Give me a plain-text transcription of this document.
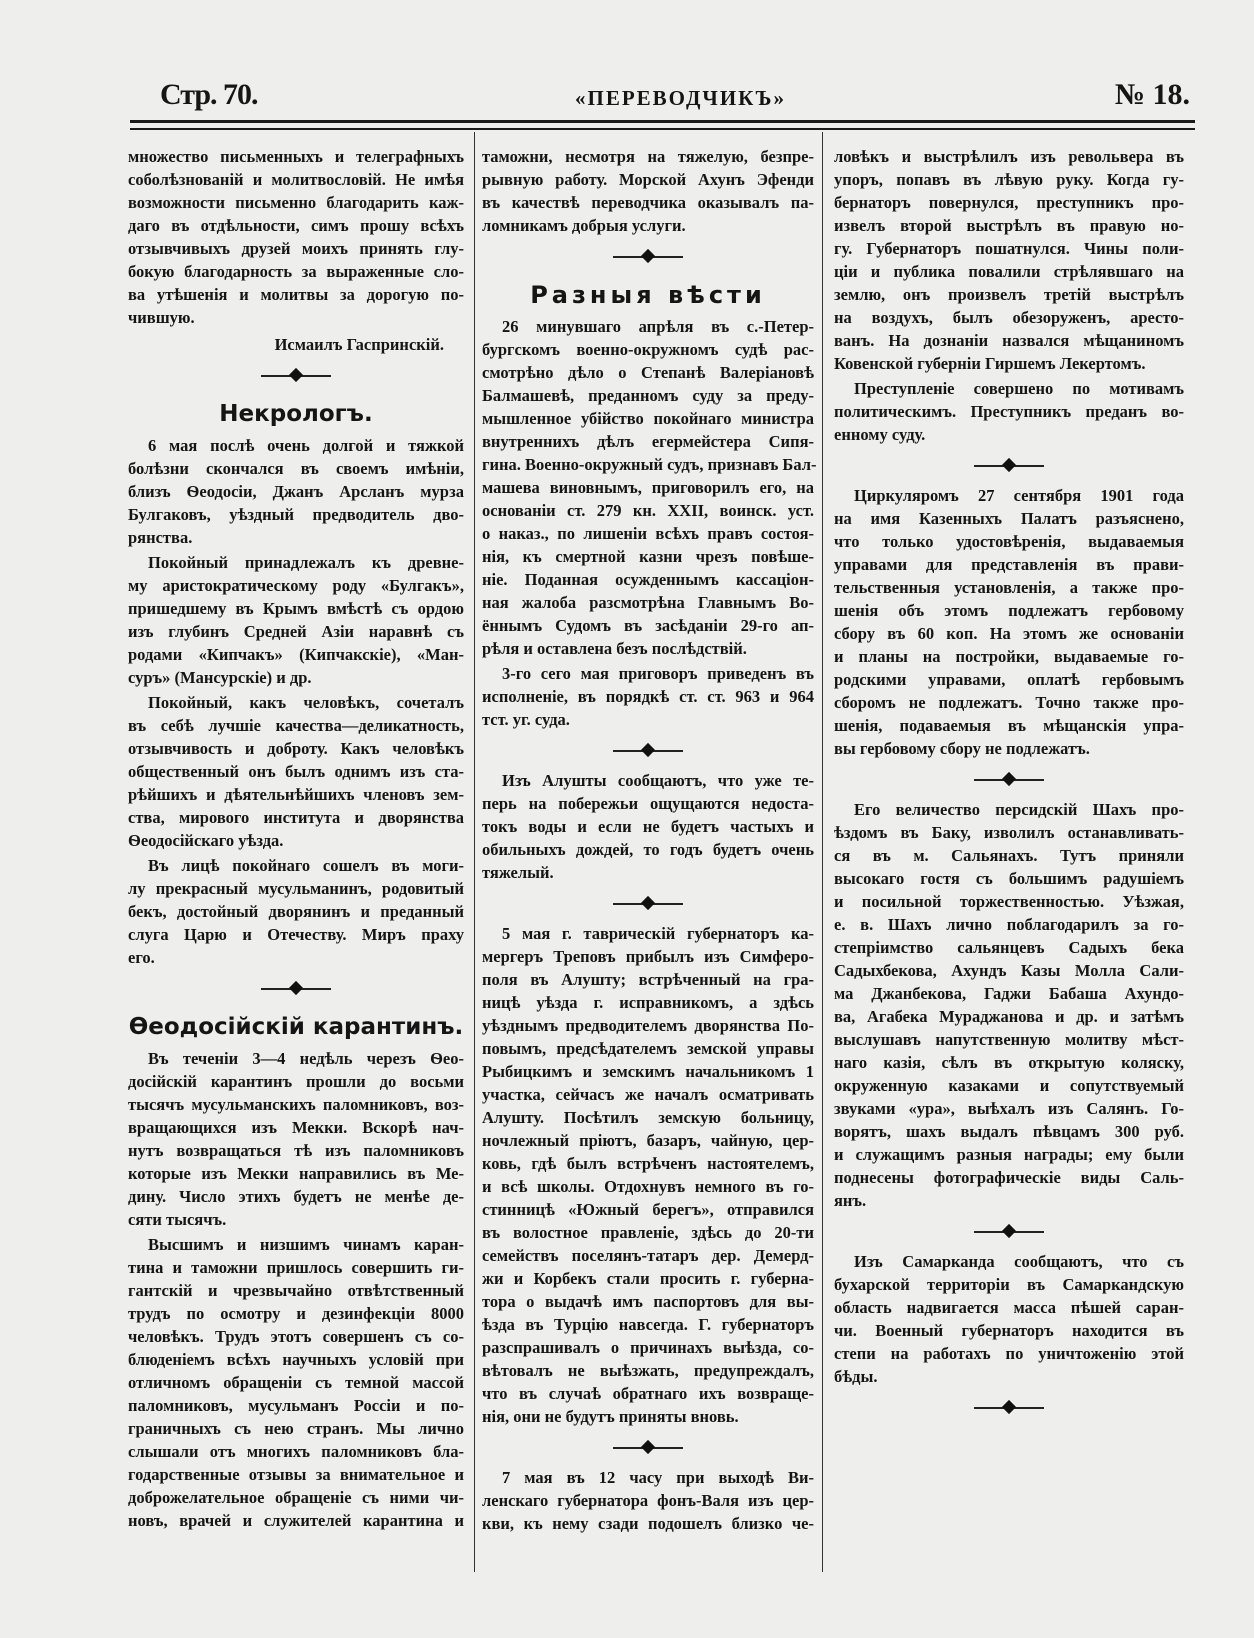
Стр. 70.	«ПЕРЕВОДЧИКЪ»	№ 18.
множество письменныхъ и телеграфныхъ
соболѣзнованій и молитвословій. Не имѣя
возможности письменно благодарить каж-
даго въ отдѣльности, симъ прошу всѣхъ
отзывчивыхъ друзей моихъ принять глу-
бокую благодарность за выраженные сло-
ва утѣшенія и молитвы за дорогую по-
чившую.
Исмаилъ Гаспринскій.
Некрологъ.
6 мая послѣ очень долгой и тяжкой
болѣзни скончался въ своемъ имѣніи,
близъ Ѳеодосіи, Джанъ Арсланъ мурза
Булгаковъ, уѣздный предводитель дво-
рянства.
Покойный принадлежалъ къ древне-
му аристократическому роду «Булгакъ»,
пришедшему въ Крымъ вмѣстѣ съ ордою
изъ глубинъ Средней Азіи наравнѣ съ
родами «Кипчакъ» (Кипчакскіе), «Ман-
суръ» (Мансурскіе) и др.
Покойный, какъ человѣкъ, сочеталъ
въ себѣ лучшіе качества—деликатность,
отзывчивость и доброту. Какъ человѣкъ
общественный онъ былъ однимъ изъ ста-
рѣйшихъ и дѣятельнѣйшихъ членовъ зем-
ства, мирового института и дворянства
Ѳеодосійскаго уѣзда.
Въ лицѣ покойнаго сошелъ въ моги-
лу прекрасный мусульманинъ, родовитый
бекъ, достойный дворянинъ и преданный
слуга Царю и Отечеству. Миръ праху
его.
Ѳеодосійскій карантинъ.
Въ теченіи 3—4 недѣль черезъ Ѳео-
досійскій карантинъ прошли до восьми
тысячъ мусульманскихъ паломниковъ, воз-
вращающихся изъ Мекки. Вскорѣ нач-
нутъ возвращаться тѣ изъ паломниковъ
которые изъ Мекки направились въ Ме-
дину. Число этихъ будетъ не менѣе де-
сяти тысячъ.
Высшимъ и низшимъ чинамъ каран-
тина и таможни пришлось совершить ги-
гантскій и чрезвычайно отвѣтственный
трудъ по осмотру и дезинфекціи 8000
человѣкъ. Трудъ этотъ совершенъ съ со-
блюденіемъ всѣхъ научныхъ условій при
отличномъ обращеніи съ темной массой
паломниковъ, мусульманъ Россіи и по-
граничныхъ съ нею странъ. Мы лично
слышали отъ многихъ паломниковъ бла-
годарственные отзывы за внимательное и
доброжелательное обращеніе съ ними чи-
новъ, врачей и служителей карантина и
таможни, несмотря на тяжелую, безпре-
рывную работу. Морской Ахунъ Эфенди
въ качествѣ переводчика оказывалъ па-
ломникамъ добрыя услуги.
Разныя вѣсти
26 минувшаго апрѣля въ с.-Петер-
бургскомъ военно-окружномъ судѣ рас-
смотрѣно дѣло о Степанѣ Валеріановѣ
Балмашевѣ, преданномъ суду за преду-
мышленное убійство покойнаго министра
внутреннихъ дѣлъ егермейстера Сипя-
гина. Военно-окружный судъ, признавъ Бал-
машева виновнымъ, приговорилъ его, на
основаніи ст. 279 кн. XXII, воинск. уст.
о наказ., по лишеніи всѣхъ правъ состоя-
нія, къ смертной казни чрезъ повѣше-
ніе. Поданная осужденнымъ кассаціон-
ная жалоба разсмотрѣна Главнымъ Во-
ённымъ Судомъ въ засѣданіи 29-го ап-
рѣля и оставлена безъ послѣдствій.
3-го сего мая приговоръ приведенъ въ
исполненіе, въ порядкѣ ст. ст. 963 и 964
тст. уг. суда.
Изъ Алушты сообщаютъ, что уже те-
перь на побережьи ощущаются недоста-
токъ воды и если не будетъ частыхъ и
обильныхъ дождей, то годъ будетъ очень
тяжелый.
5 мая г. таврическій губернаторъ ка-
мергеръ Треповъ прибылъ изъ Симферо-
поля въ Алушту; встрѣченный на гра-
ницѣ уѣзда г. исправникомъ, а здѣсь
уѣзднымъ предводителемъ дворянства По-
повымъ, предсѣдателемъ земской управы
Рыбицкимъ и земскимъ начальникомъ 1
участка, сейчасъ же началъ осматривать
Алушту. Посѣтилъ земскую больницу,
ночлежный пріютъ, базаръ, чайную, цер-
ковь, гдѣ былъ встрѣченъ настоятелемъ,
и всѣ школы. Отдохнувъ немного въ го-
стинницѣ «Южный берегъ», отправился
въ волостное правленіе, здѣсь до 20-ти
семействъ поселянъ-татаръ дер. Демерд-
жи и Корбекъ стали просить г. губерна-
тора о выдачѣ имъ паспортовъ для вы-
ѣзда въ Турцію навсегда. Г. губернаторъ
разспрашивалъ о причинахъ выѣзда, со-
вѣтовалъ не выѣзжать, предупреждалъ,
что въ случаѣ обратнаго ихъ возвраще-
нія, они не будутъ приняты вновь.
7 мая въ 12 часу при выходѣ Ви-
ленскаго губернатора фонъ-Валя изъ цер-
кви, къ нему сзади подошелъ близко че-
ловѣкъ и выстрѣлилъ изъ револьвера въ
упоръ, попавъ въ лѣвую руку. Когда гу-
бернаторъ повернулся, преступникъ про-
извелъ второй выстрѣлъ въ правую но-
гу. Губернаторъ пошатнулся. Чины поли-
ціи и публика повалили стрѣлявшаго на
землю, онъ произвелъ третій выстрѣлъ
на воздухъ, былъ обезоруженъ, аресто-
ванъ. На дознаніи назвался мѣщаниномъ
Ковенской губерніи Гиршемъ Лекертомъ.
Преступленіе совершено по мотивамъ
политическимъ. Преступникъ преданъ во-
енному суду.
Циркуляромъ 27 сентября 1901 года
на имя Казенныхъ Палатъ разъяснено,
что только удостовѣренія, выдаваемыя
управами для представленія въ прави-
тельственныя установленія, а также про-
шенія объ этомъ подлежатъ гербовому
сбору въ 60 коп. На этомъ же основаніи
и планы на постройки, выдаваемые го-
родскими управами, оплатѣ гербовымъ
сборомъ не подлежатъ. Точно также про-
шенія, подаваемыя въ мѣщанскія упра-
вы гербовому сбору не подлежатъ.
Его величество персидскій Шахъ про-
ѣздомъ въ Баку, изволилъ останавливать-
ся въ м. Сальянахъ. Тутъ приняли
высокаго гостя съ большимъ радушіемъ
и посильной торжественностью. Уѣзжая,
е. в. Шахъ лично поблагодарилъ за го-
степріимство сальянцевъ Садыхъ бека
Садыхбекова, Ахундъ Казы Молла Сали-
ма Джанбекова, Гаджи Бабаша Ахундо-
ва, Агабека Мураджанова и др. и затѣмъ
выслушавъ напутственную молитву мѣст-
наго казія, сѣлъ въ открытую коляску,
окруженную казаками и сопутствуемый
звуками «ура», выѣхалъ изъ Салянъ. Го-
ворятъ, шахъ выдалъ пѣвцамъ 300 руб.
и служащимъ разныя награды; ему были
поднесены фотографическіе виды Саль-
янъ.
Изъ Самарканда сообщаютъ, что съ
бухарской территоріи въ Самаркандскую
область надвигается масса пѣшей саран-
чи. Военный губернаторъ находится въ
степи на работахъ по уничтоженію этой
бѣды.
